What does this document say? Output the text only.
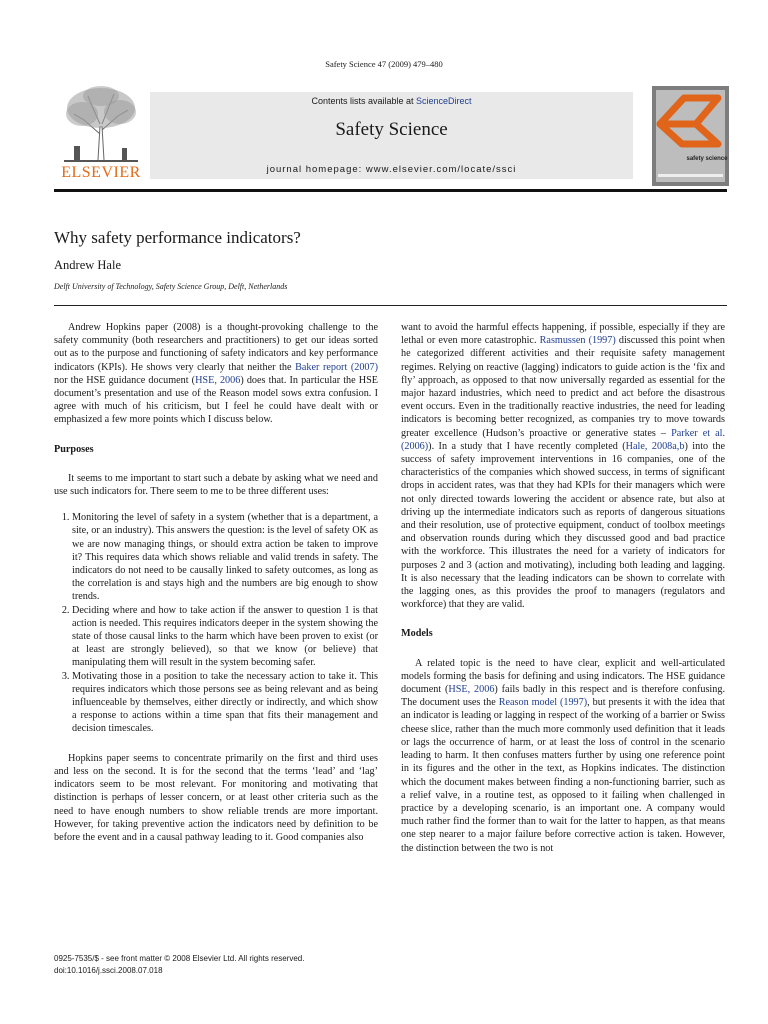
Safety Science 47 (2009) 479–480
ELSEVIER
Contents lists available at ScienceDirect
Safety Science
journal homepage: www.elsevier.com/locate/ssci
safety science
Why safety performance indicators?
Andrew Hale
Delft University of Technology, Safety Science Group, Delft, Netherlands

Andrew Hopkins paper (2008) is a thought-provoking challenge to the safety community (both researchers and practitioners) to get our ideas sorted out as to the purpose and functioning of safety indicators and key performance indicators (KPIs). He shows very clearly that neither the Baker report (2007) nor the HSE guidance document (HSE, 2006) does that. In particular the HSE document’s presentation and use of the Reason model sows extra confusion. I agree with much of his criticism, but I feel he could have dealt with or emphasized a few more points which I discuss below.

Purposes

It seems to me important to start such a debate by asking what we need and use such indicators for. There seem to me to be three different uses:

1. Monitoring the level of safety in a system (whether that is a department, a site, or an industry). This answers the question: is the level of safety OK as we are now managing things, or should extra action be taken to improve it? This requires data which shows reliable and valid trends in safety. The indicators do not need to be causally linked to safety outcomes, as long as the correlation is and stays high and the numbers are big enough to show trends.
2. Deciding where and how to take action if the answer to question 1 is that action is needed. This requires indicators deeper in the system showing the state of those causal links to the harm which have been proven to exist (or at least are strongly believed), so that we know (or believe) that manipulating them will result in the system becoming safer.
3. Motivating those in a position to take the necessary action to take it. This requires indicators which those persons see as being relevant and as being influenceable by themselves, either directly or indirectly, and which show a response to actions within a time span that fits their management and decision timescales.

Hopkins paper seems to concentrate primarily on the first and third uses and less on the second. It is for the second that the terms ‘lead’ and ‘lag’ indicators seem to be most relevant. For monitoring and motivating that distinction is perhaps of lesser concern, or at least other criteria such as the need to have enough numbers to show reliable trends are more important. However, for taking preventive action the indicators need by definition to be before the event and in a causal pathway leading to it. Good companies also

want to avoid the harmful effects happening, if possible, especially if they are lethal or even more catastrophic. Rasmussen (1997) discussed this point when he categorized different activities and their requisite safety management regimes. Relying on reactive (lagging) indicators to guide action is the ‘fix and fly’ approach, as opposed to that now universally regarded as essential for the major hazard industries, which need to predict and act before the disastrous event occurs. Even in the traditionally reactive industries, the need for leading indicators is becoming better recognized, as companies try to move towards greater excellence (Hudson’s proactive or generative states – Parker et al. (2006)). In a study that I have recently completed (Hale, 2008a,b) into the success of safety improvement interventions in 16 companies, one of the characteristics of the companies which showed success, in terms of significant drops in accident rates, was that they had KPIs for their managers which were not only directed towards lowering the accident or absence rate, but also at driving up the intermediate indicators such as reports of dangerous situations and their resolution, use of protective equipment, conduct of toolbox meetings and observation rounds during which they discussed good and bad practice with the workforce. This illustrates the need for a variety of indicators for purposes 2 and 3 (action and motivating), including both leading and lagging. It is also necessary that the leading indicators can be shown to correlate with the lagging ones, as this provides the proof to managers (regulators and workforce) that they are valid.

Models

A related topic is the need to have clear, explicit and well-articulated models forming the basis for defining and using indicators. The HSE guidance document (HSE, 2006) fails badly in this respect and is therefore confusing. The document uses the Reason model (1997), but presents it with the idea that an indicator is leading or lagging in respect of the working of a barrier or Swiss cheese slice, rather than the much more commonly used definition that it leads or lags the occurrence of harm, or at least the loss of control in the scenario leading to harm. It then confuses matters further by using one reference point in its figures and the other in the text, as Hopkins indicates. The distinction which the document makes between finding a non-functioning barrier, such as a relief valve, in a routine test, as opposed to it failing when challenged in practice by a developing scenario, is an important one. A company would much rather find the former than to wait for the latter to happen, as that means one step nearer to a major failure before corrective action is taken. However, the distinction between the two is not

0925-7535/$ - see front matter © 2008 Elsevier Ltd. All rights reserved.
doi:10.1016/j.ssci.2008.07.018
